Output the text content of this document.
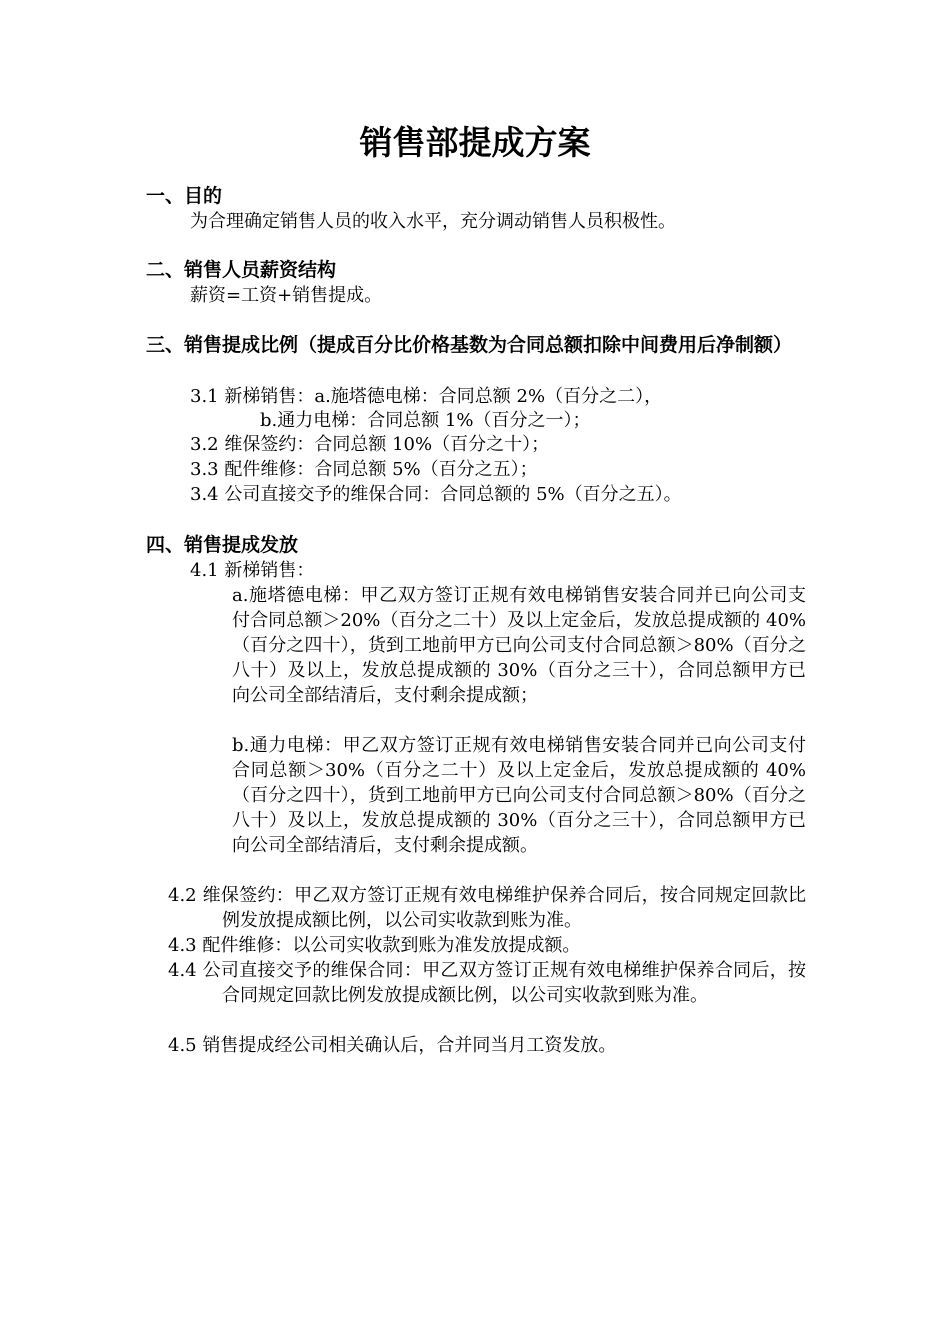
销售部提成方案
一、目的
为合理确定销售人员的收入水平，充分调动销售人员积极性。
二、销售人员薪资结构
薪资=工资+销售提成。
三、销售提成比例（提成百分比价格基数为合同总额扣除中间费用后净制额）
3.1 新梯销售：a.施塔德电梯：合同总额 2%（百分之二），
b.通力电梯：合同总额 1%（百分之一）；
3.2 维保签约：合同总额 10%（百分之十）；
3.3 配件维修：合同总额 5%（百分之五）；
3.4 公司直接交予的维保合同：合同总额的 5%（百分之五）。
四、销售提成发放
4.1 新梯销售：
a.施塔德电梯：甲乙双方签订正规有效电梯销售安装合同并已向公司支付合同总额＞20%（百分之二十）及以上定金后，发放总提成额的 40%（百分之四十），货到工地前甲方已向公司支付合同总额＞80%（百分之八十）及以上，发放总提成额的 30%（百分之三十），合同总额甲方已向公司全部结清后，支付剩余提成额；
b.通力电梯：甲乙双方签订正规有效电梯销售安装合同并已向公司支付合同总额＞30%（百分之二十）及以上定金后，发放总提成额的 40%（百分之四十），货到工地前甲方已向公司支付合同总额＞80%（百分之八十）及以上，发放总提成额的 30%（百分之三十），合同总额甲方已向公司全部结清后，支付剩余提成额。
4.2 维保签约：甲乙双方签订正规有效电梯维护保养合同后，按合同规定回款比例发放提成额比例，以公司实收款到账为准。
4.3 配件维修：以公司实收款到账为准发放提成额。
4.4 公司直接交予的维保合同：甲乙双方签订正规有效电梯维护保养合同后，按合同规定回款比例发放提成额比例，以公司实收款到账为准。
4.5 销售提成经公司相关确认后，合并同当月工资发放。
